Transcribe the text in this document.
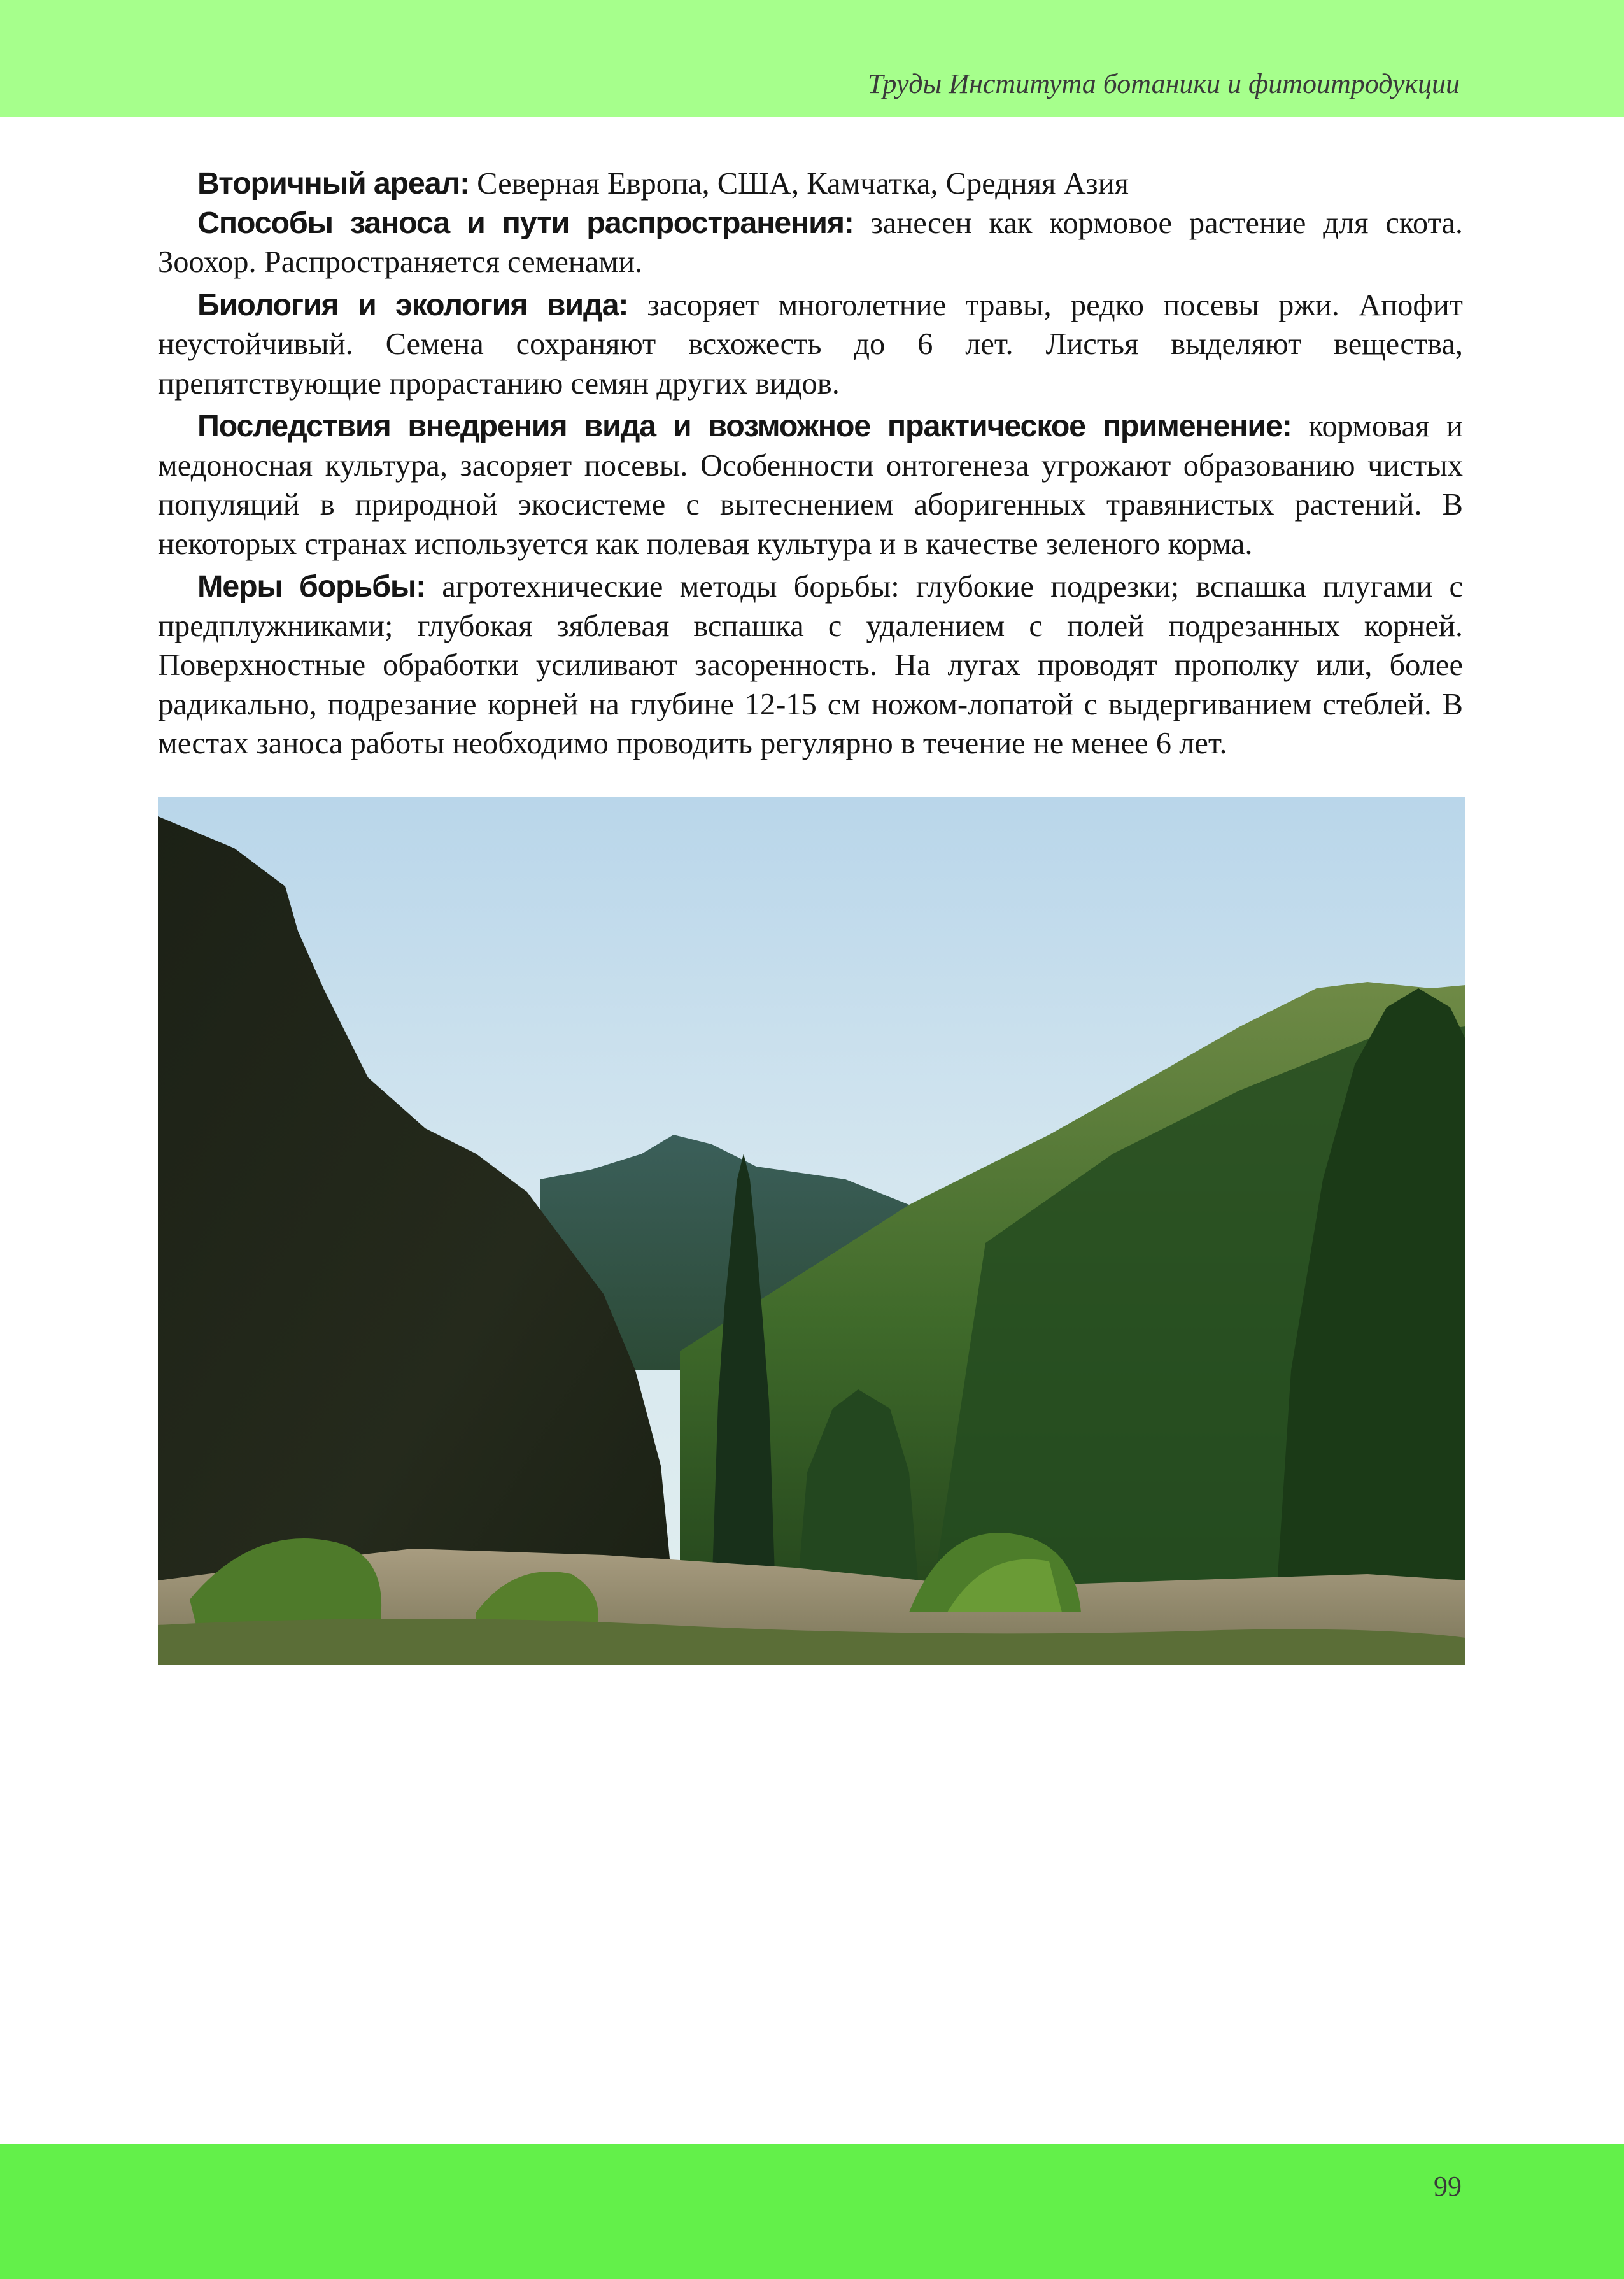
Труды Института ботаники и фитоитродукции

Вторичный ареал: Северная Европа, США, Камчатка, Средняя Азия

Способы заноса и пути распространения: занесен как кормовое растение для скота. Зоохор. Распространяется семенами.

Биология и экология вида: засоряет многолетние травы, редко посевы ржи. Апофит неустойчивый. Семена сохраняют всхожесть до 6 лет. Листья выделяют вещества, препятствующие прорастанию семян других видов.

Последствия внедрения вида и возможное практическое применение: кормовая и медоносная культура, засоряет посевы. Особенности онтогенеза угрожают образованию чистых популяций в природной экосистеме с вытеснением аборигенных травянистых растений. В некоторых странах используется как полевая культура и в качестве зеленого корма.

Меры борьбы: агротехнические методы борьбы: глубокие подрезки; вспашка плугами с предплужниками; глубокая зяблевая вспашка с удалением с полей подрезанных корней. Поверхностные обработки усиливают засоренность. На лугах проводят прополку или, более радикально, подрезание корней на глубине 12-15 см ножом-лопатой с выдергиванием стеблей. В местах заноса работы необходимо проводить регулярно в течение не менее 6 лет.

99
